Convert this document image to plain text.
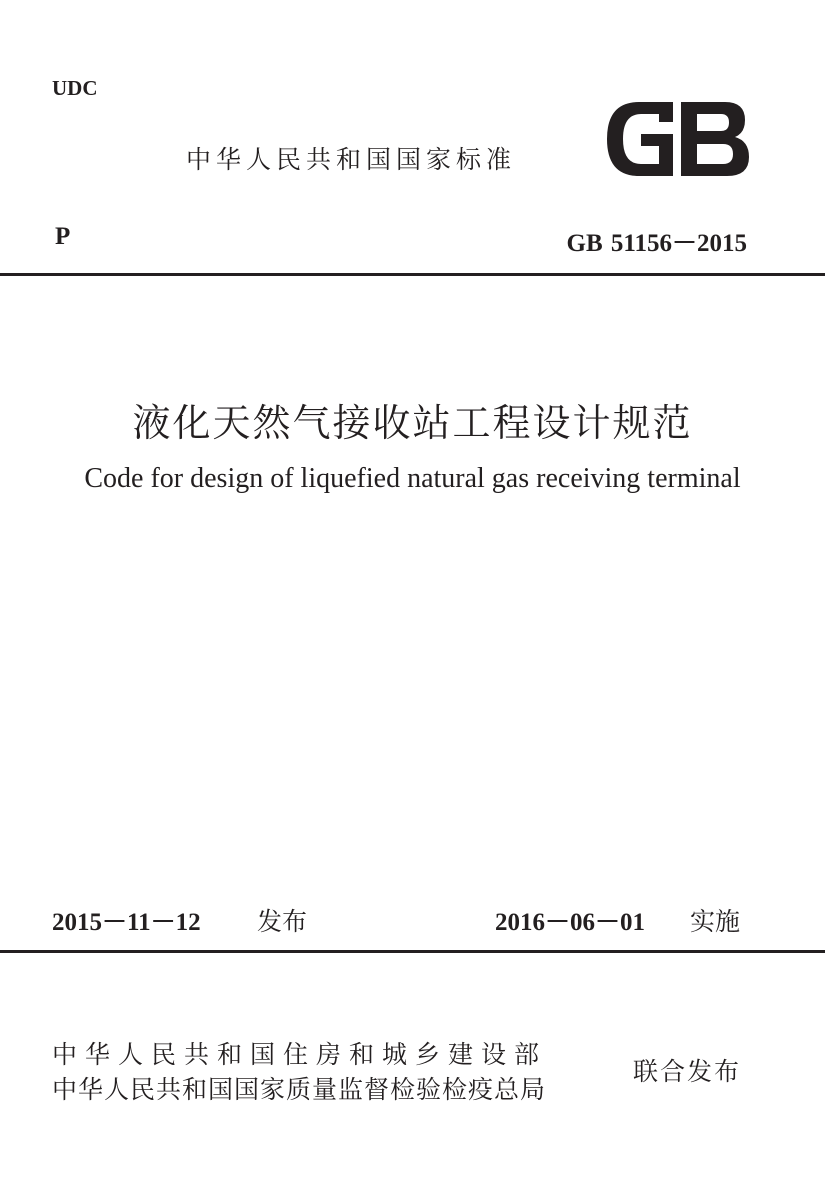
UDC
中华人民共和国国家标准
P	GB 51156－2015
液化天然气接收站工程设计规范
Code for design of liquefied natural gas receiving terminal
2015－11－12 发布	2016－06－01 实施
中华人民共和国住房和城乡建设部
中华人民共和国国家质量监督检验检疫总局
联合发布
